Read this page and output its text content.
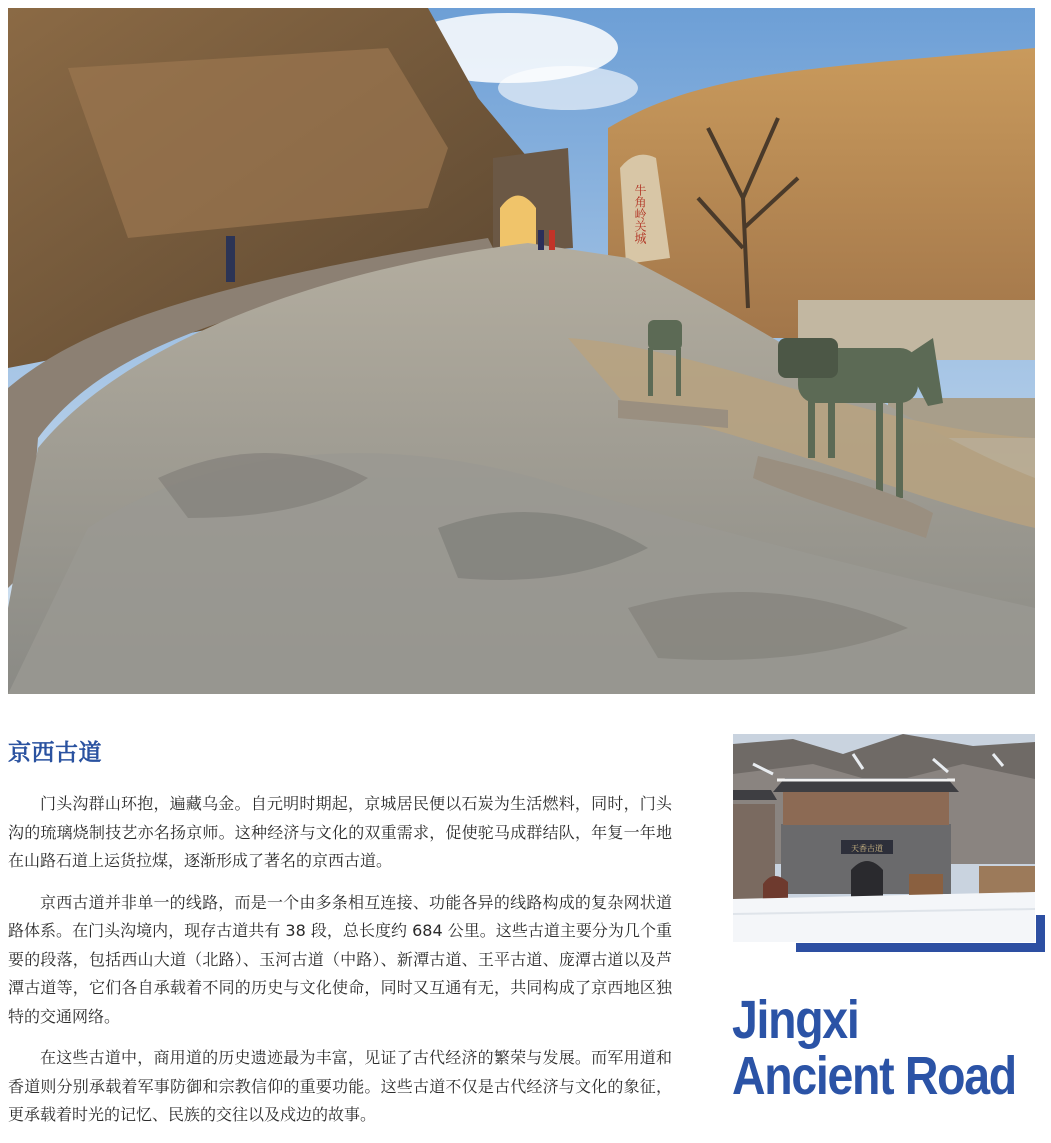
牛角岭关城
京西古道

门头沟群山环抱，遍藏乌金。自元明时期起，京城居民便以石炭为生活燃料，同时，门头沟的琉璃烧制技艺亦名扬京师。这种经济与文化的双重需求，促使驼马成群结队，年复一年地在山路石道上运货拉煤，逐渐形成了著名的京西古道。

京西古道并非单一的线路，而是一个由多条相互连接、功能各异的线路构成的复杂网状道路体系。在门头沟境内，现存古道共有 38 段，总长度约 684 公里。这些古道主要分为几个重要的段落，包括西山大道（北路）、玉河古道（中路）、新潭古道、王平古道、庞潭古道以及芦潭古道等，它们各自承载着不同的历史与文化使命，同时又互通有无，共同构成了京西地区独特的交通网络。

在这些古道中，商用道的历史遗迹最为丰富，见证了古代经济的繁荣与发展。而军用道和香道则分别承载着军事防御和宗教信仰的重要功能。这些古道不仅是古代经济与文化的象征，更承载着时光的记忆、民族的交往以及戍边的故事。

天香古道
Jingxi
Ancient Road
